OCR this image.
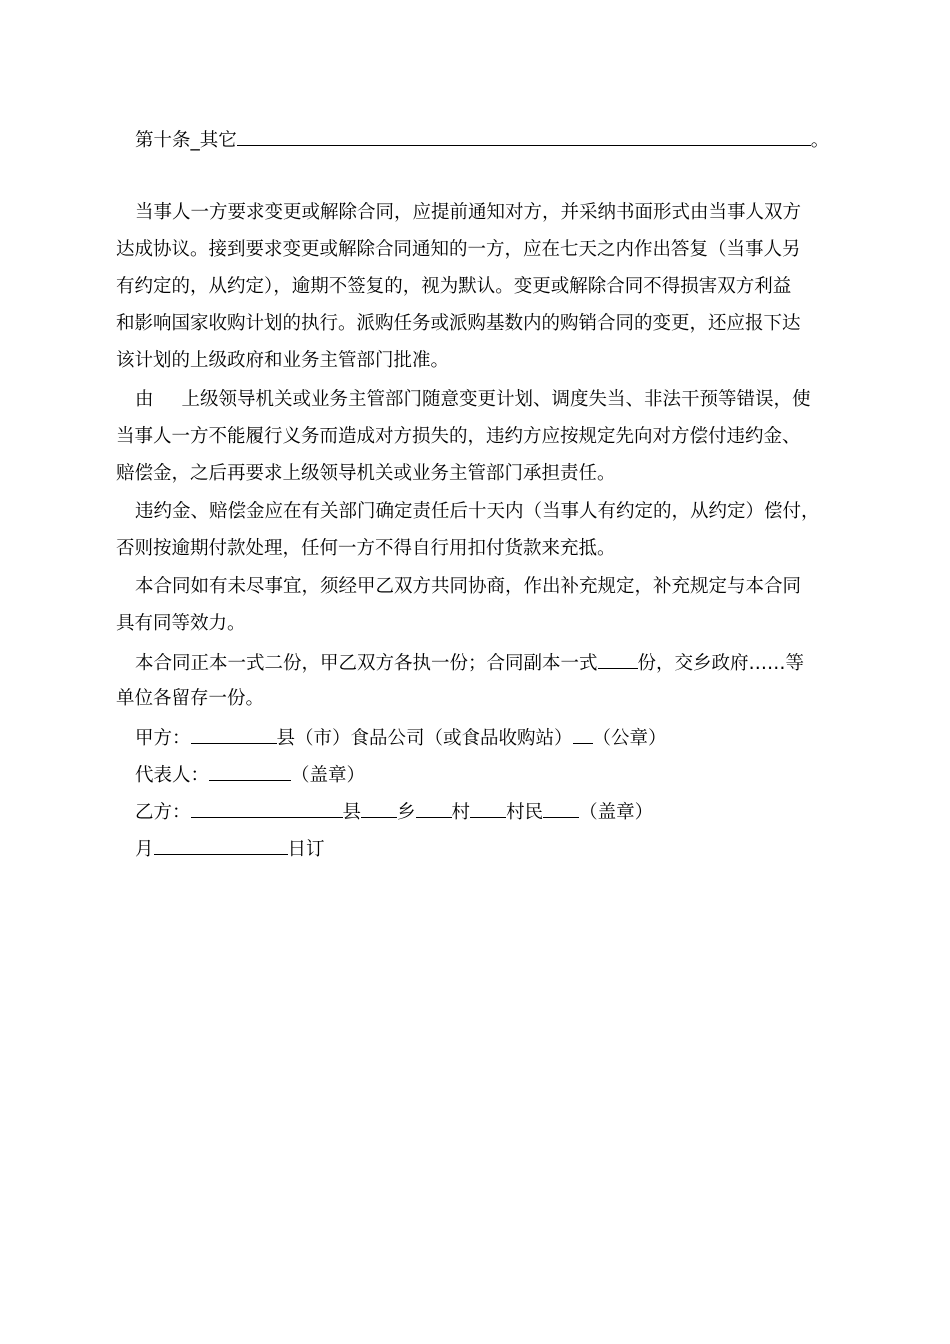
第十条_其它	。
当事人一方要求变更或解除合同，应提前通知对方，并采纳书面形式由当事人双方
达成协议。接到要求变更或解除合同通知的一方，应在七天之内作出答复（当事人另
有约定的，从约定），逾期不签复的，视为默认。变更或解除合同不得损害双方利益
和影响国家收购计划的执行。派购任务或派购基数内的购销合同的变更，还应报下达
该计划的上级政府和业务主管部门批准。
由 上级领导机关或业务主管部门随意变更计划、调度失当、非法干预等错误，使
当事人一方不能履行义务而造成对方损失的，违约方应按规定先向对方偿付违约金、
赔偿金，之后再要求上级领导机关或业务主管部门承担责任。
违约金、赔偿金应在有关部门确定责任后十天内（当事人有约定的，从约定）偿付，
否则按逾期付款处理，任何一方不得自行用扣付货款来充抵。
本合同如有未尽事宜，须经甲乙双方共同协商，作出补充规定，补充规定与本合同
具有同等效力。
本合同正本一式二份，甲乙双方各执一份；合同副本一式 份，交乡政府……等
单位各留存一份。
甲方：	县（市）食品公司（或食品收购站） （公章）
代表人：	（盖章）
乙方：	县 乡 村 村民 （盖章）
月	日订
